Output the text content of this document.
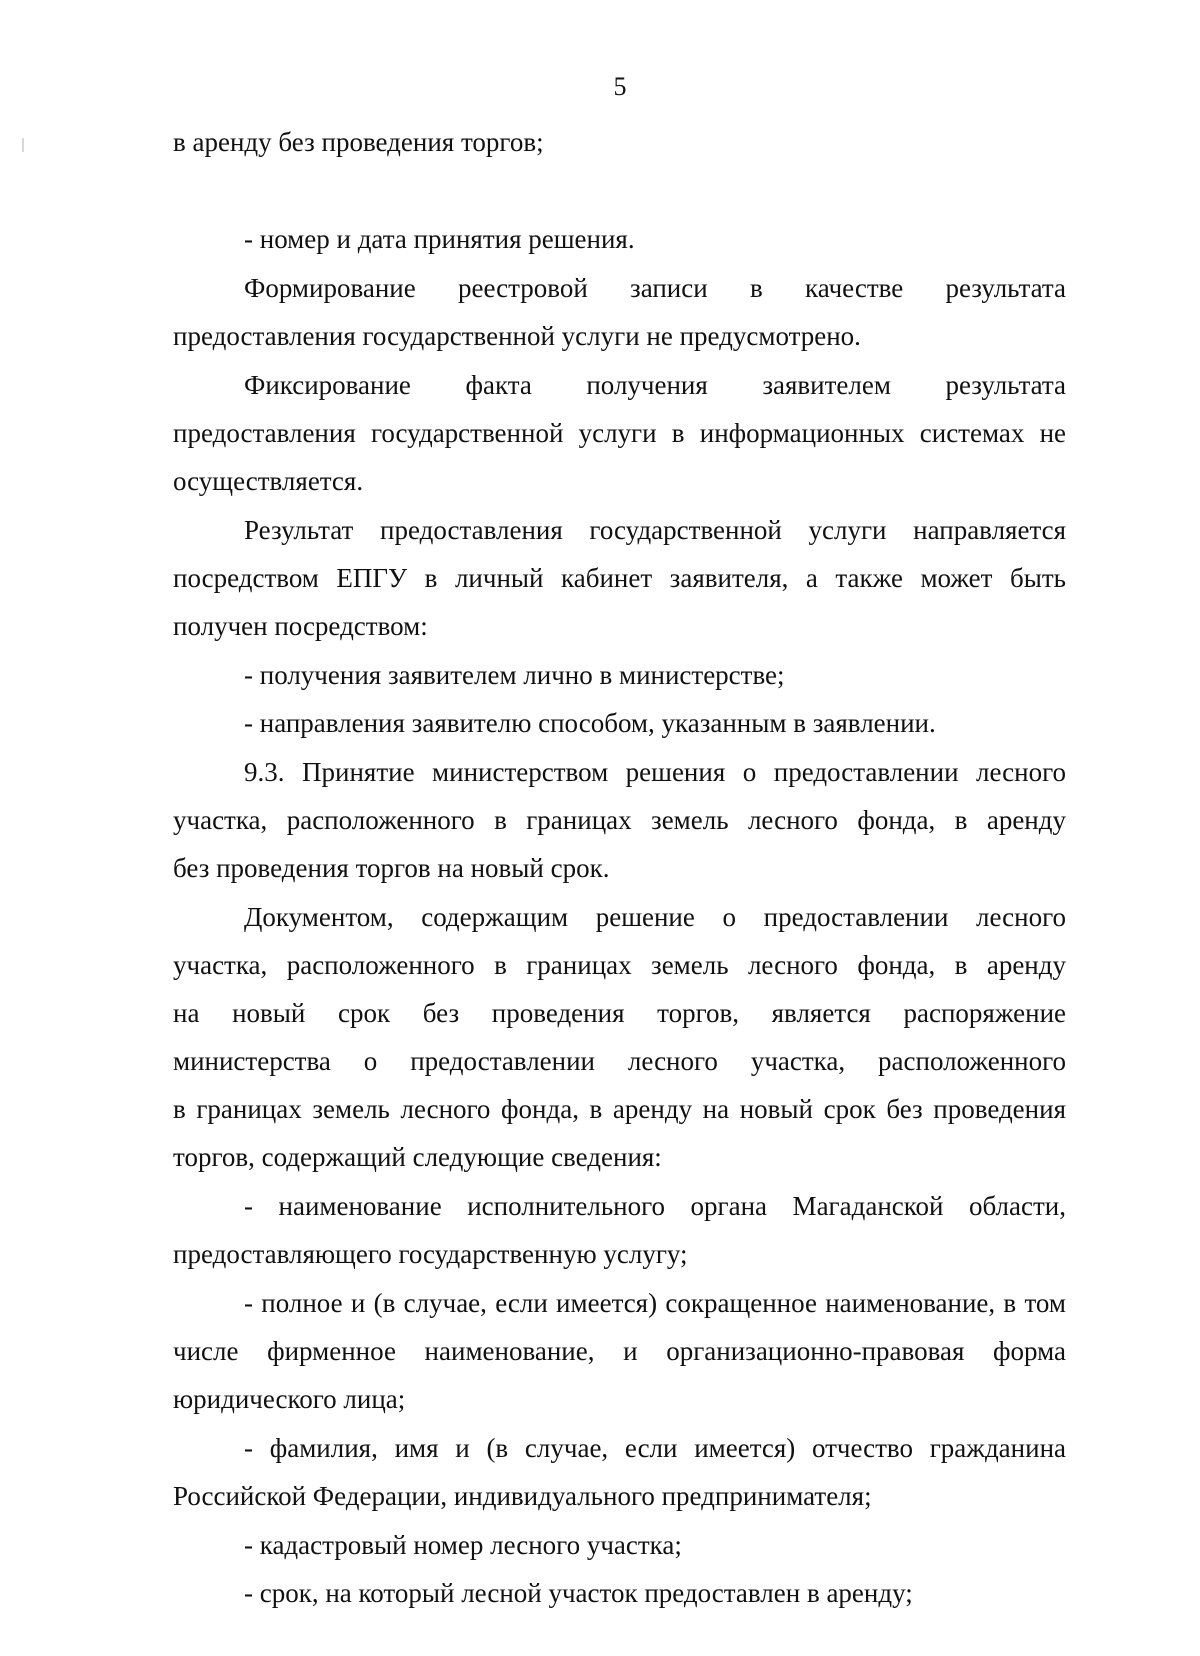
5
в аренду без проведения торгов;
- номер и дата принятия решения.
Формирование реестровой записи в качестве результата
предоставления государственной услуги не предусмотрено.
Фиксирование факта получения заявителем результата
предоставления государственной услуги в информационных системах не
осуществляется.
Результат предоставления государственной услуги направляется
посредством ЕПГУ в личный кабинет заявителя, а также может быть
получен посредством:
- получения заявителем лично в министерстве;
- направления заявителю способом, указанным в заявлении.
9.3. Принятие министерством решения о предоставлении лесного
участка, расположенного в границах земель лесного фонда, в аренду
без проведения торгов на новый срок.
Документом, содержащим решение о предоставлении лесного
участка, расположенного в границах земель лесного фонда, в аренду
на новый срок без проведения торгов, является распоряжение
министерства о предоставлении лесного участка, расположенного
в границах земель лесного фонда, в аренду на новый срок без проведения
торгов, содержащий следующие сведения:
- наименование исполнительного органа Магаданской области,
предоставляющего государственную услугу;
- полное и (в случае, если имеется) сокращенное наименование, в том
числе фирменное наименование, и организационно-правовая форма
юридического лица;
- фамилия, имя и (в случае, если имеется) отчество гражданина
Российской Федерации, индивидуального предпринимателя;
- кадастровый номер лесного участка;
- срок, на который лесной участок предоставлен в аренду;
